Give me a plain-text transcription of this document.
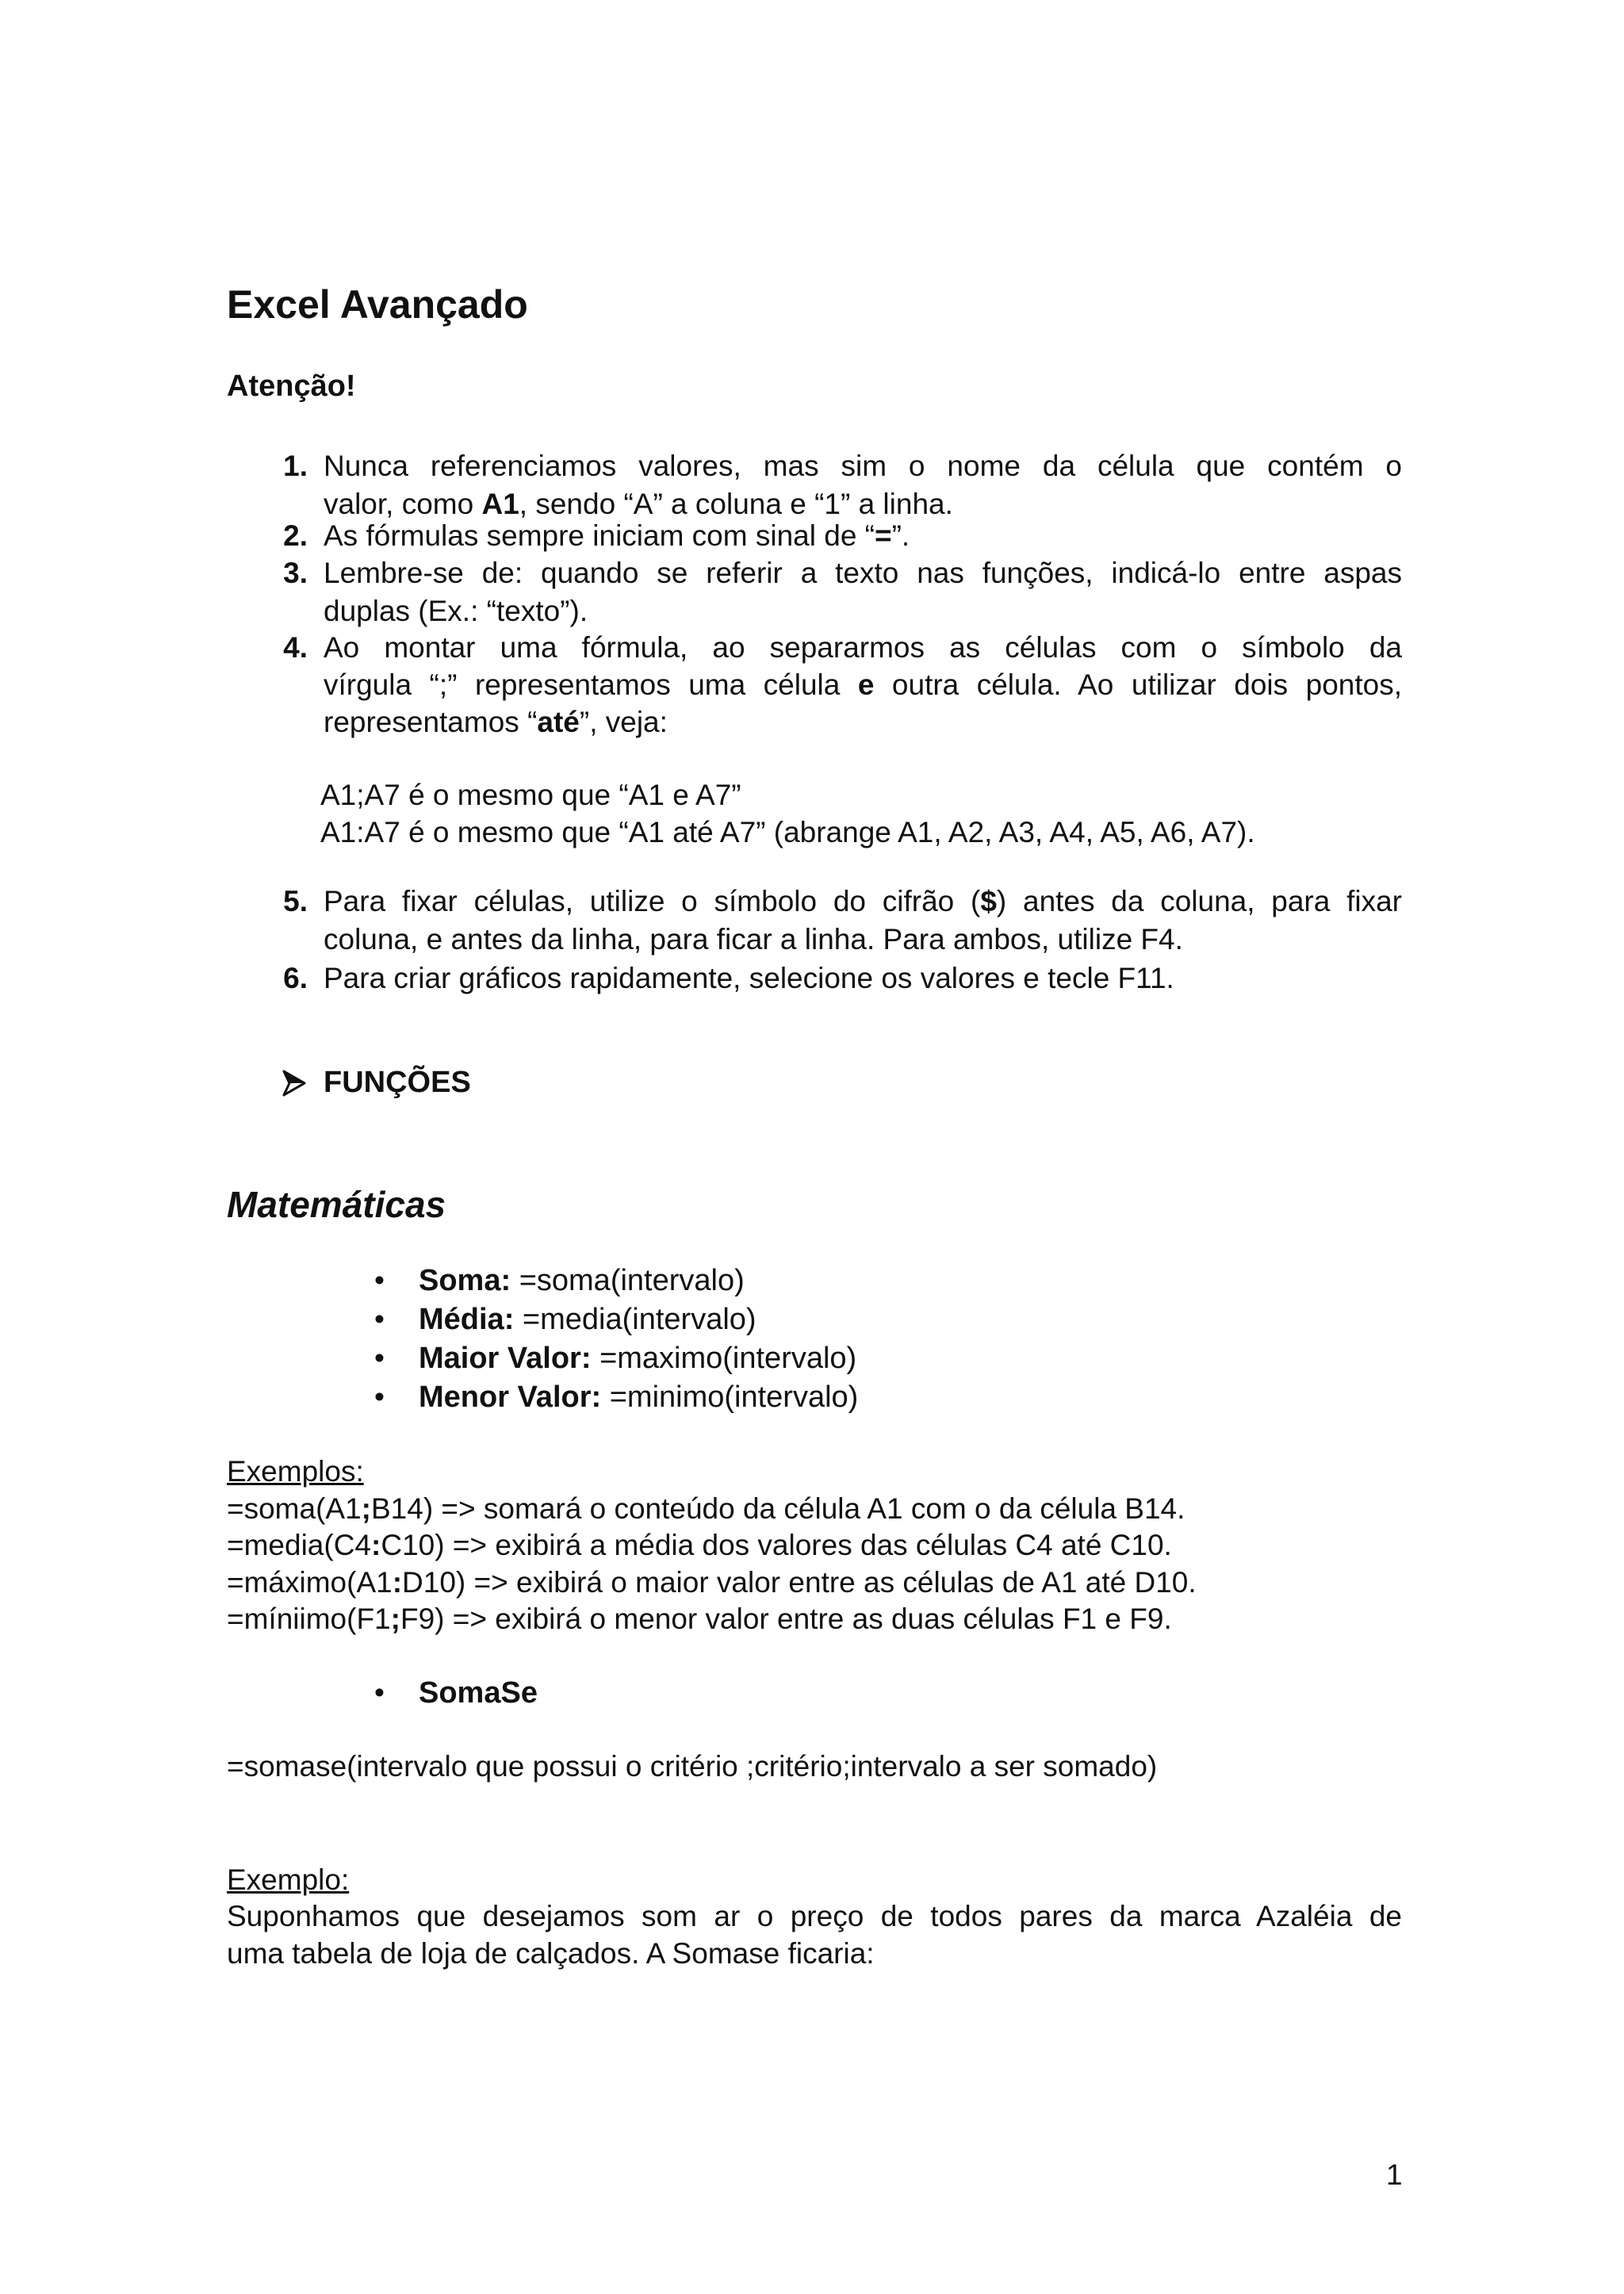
Excel Avançado
Atenção!
1. Nunca referenciamos valores, mas sim o nome da célula que contém o
valor, como A1, sendo “A” a coluna e “1” a linha.
2. As fórmulas sempre iniciam com sinal de “=”.
3. Lembre-se de: quando se referir a texto nas funções, indicá-lo entre aspas
duplas (Ex.: “texto”).
4. Ao montar uma fórmula, ao separarmos as células com o símbolo da
vírgula “;” representamos uma célula e outra célula. Ao utilizar dois pontos,
representamos “até”, veja:
A1;A7 é o mesmo que “A1 e A7”
A1:A7 é o mesmo que “A1 até A7” (abrange A1, A2, A3, A4, A5, A6, A7).
5. Para fixar células, utilize o símbolo do cifrão ($) antes da coluna, para fixar
coluna, e antes da linha, para ficar a linha. Para ambos, utilize F4.
6. Para criar gráficos rapidamente, selecione os valores e tecle F11.
FUNÇÕES
Matemáticas
• Soma: =soma(intervalo)
• Média: =media(intervalo)
• Maior Valor: =maximo(intervalo)
• Menor Valor: =minimo(intervalo)
Exemplos:
=soma(A1;B14) => somará o conteúdo da célula A1 com o da célula B14.
=media(C4:C10) => exibirá a média dos valores das células C4 até C10.
=máximo(A1:D10) => exibirá o maior valor entre as células de A1 até D10.
=míniimo(F1;F9) => exibirá o menor valor entre as duas células F1 e F9.
• SomaSe
=somase(intervalo que possui o critério ;critério;intervalo a ser somado)
Exemplo:
Suponhamos que desejamos som ar o preço de todos pares da marca Azaléia de
uma tabela de loja de calçados. A Somase ficaria:
1
